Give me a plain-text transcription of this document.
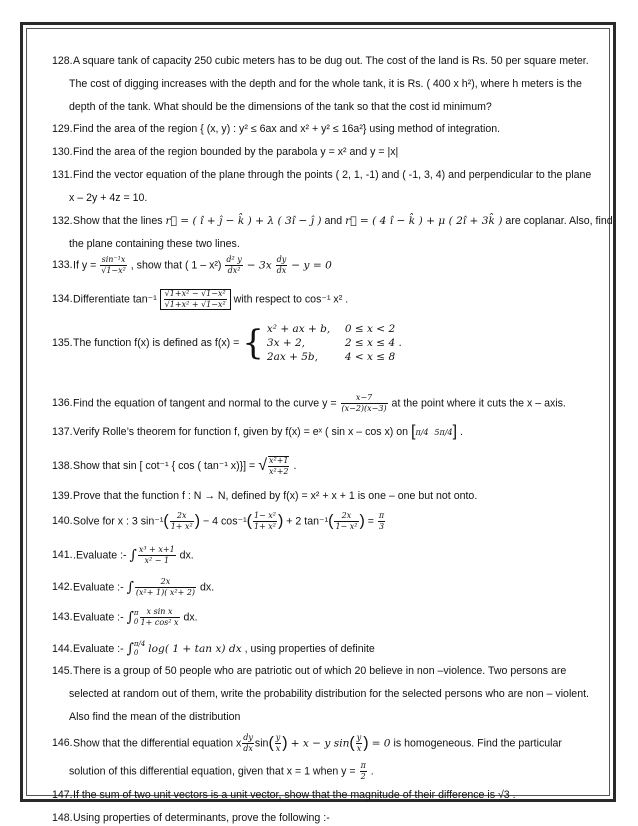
128.A square tank of capacity 250 cubic meters has to be dug out. The cost of the land is Rs. 50 per square meter.
The cost of digging increases with the depth and for the whole tank, it is Rs. ( 400 x h²), where h meters is the
depth of the tank. What should be the dimensions of the tank so that the cost id minimum?
129.Find the area of the region { (x, y) : y² ≤ 6ax and x² + y² ≤ 16a²} using method of integration.
130.Find the area of the region bounded by the parabola y = x² and y = |x|
131.Find the vector equation of the plane through the points ( 2, 1, -1) and ( -1, 3, 4) and perpendicular to the plane
x – 2y + 4z = 10.
132.Show that the lines r⃗ = ( î + ĵ − k̂ ) + λ ( 3î − ĵ ) and r⃗ = ( 4 î − k̂ ) + μ ( 2î + 3k̂ ) are coplanar. Also, find
the plane containing these two lines.
133.If $y = \frac{\text{sin⁻¹x}}{\text{√1−x²}}$ , show that ( $1 - x^2) \frac{\text{d² y}}{\text{dx²}} - 3x \frac{dy}{dx} - y = 0$
134.Differentiate $\tan^{-1} \frac{\text{√1+x² − √1−x²}}{\text{√1+x² + √1−x²}}$ with respect to cos⁻¹ x² .
135.The function f(x) is defined as f(x) = { x² + ax + b, 0 ≤ x < 2
3x + 2,	2 ≤ x ≤ 4 .
2ax + 5b,	4 < x ≤ 8
136.Find the equation of tangent and normal to the curve $y = \frac{x-7}{(x-2)(x-3)}$ at the point where it cuts the x – axis.
137.Verify Rolle’s theorem for function f, given by f(x) = eˣ ( sin x – cos x) on [π/4 5π/4] .
138.Show that sin [ cot⁻¹ { cos ( tan⁻¹ x)}] = √ $\frac{\text{x²+1}}{\text{x²+2}}$ .
139.Prove that the function f : N → N, defined by f(x) = x² + x + 1 is one – one but not onto.
140.Solve for x : 3 $\sin^{-1}( \frac{2x}{\text{1+ x²}}$ ) − 4 $\cos^{-1}( \frac{\text{1− x²}}{\text{1+ x²}}$ ) + 2 $\tan^{-1}( \frac{2x}{\text{1− x²}}$ ) = $\frac{\pi}{3}$
141..Evaluate :- ∫ $\frac{\text{x³ + x+1}}{\text{x² − 1}}$ dx.
142.Evaluate :- ∫ $\frac{2x}{\text{(x²+ 1)( x²+ 2)}}$ dx.
143.Evaluate :- ∫ π
$0 \frac{\text{x sin x}}{\text{1+ cos² x}}$ dx.
144.Evaluate :- ∫ π/4
0 log( 1 + tan x) dx , using properties of definite
145.There is a group of 50 people who are patriotic out of which 20 believe in non –violence. Two persons are
selected at random out of them, write the probability distribution for the selected persons who are non – violent.
Also find the mean of the distribution
146.Show that the differential equation x $\frac{dy}{dx} \sin( \frac{y}{x}$ ) + x − y $\sin( \frac{y}{x}$ ) = 0 is homogeneous. Find the particular
solution of this differential equation, given that x = 1 when $y = \frac{\pi}{2}$ .
147.If the sum of two unit vectors is a unit vector, show that the magnitude of their difference is √3 .
148.Using properties of determinants, prove the following :-
